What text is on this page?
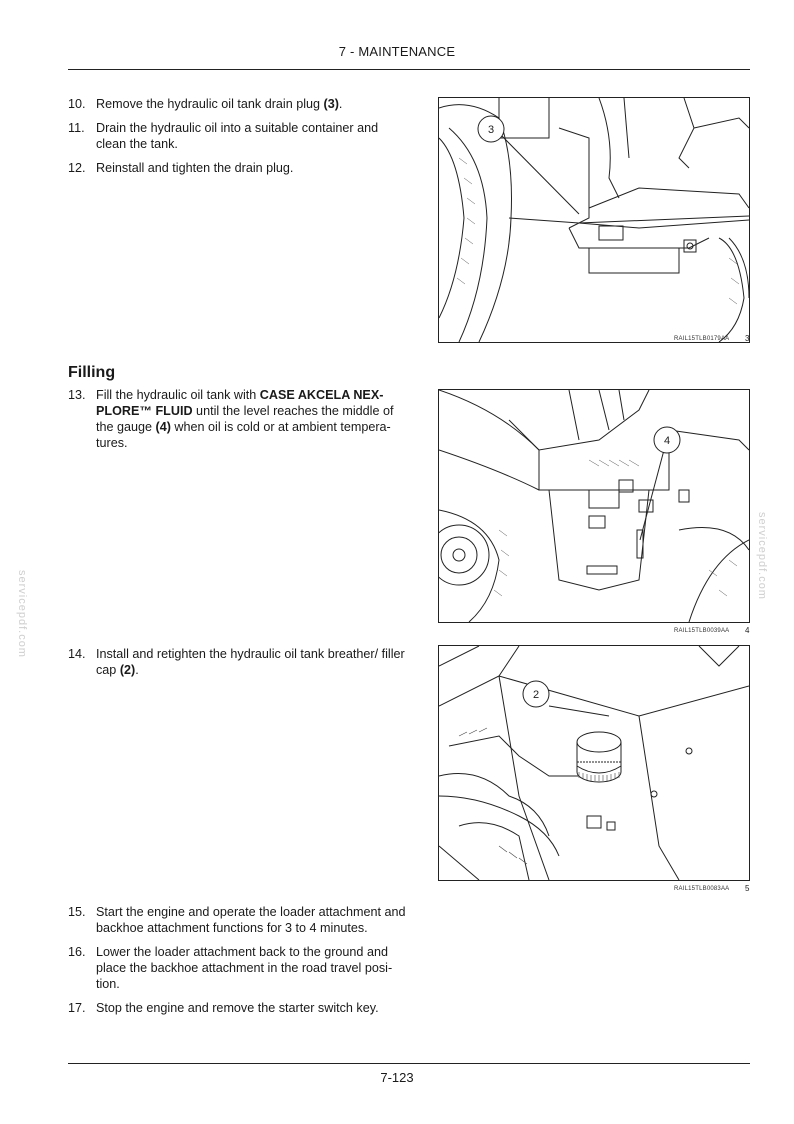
7 - MAINTENANCE
10. Remove the hydraulic oil tank drain plug (3).
11. Drain the hydraulic oil into a suitable container and clean the tank.
12. Reinstall and tighten the drain plug.
3
RAIL15TLB0179AA 3
Filling
13. Fill the hydraulic oil tank with CASE AKCELA NEX-PLORE™ FLUID until the level reaches the middle of the gauge (4) when oil is cold or at ambient tempera-tures.	4
RAIL15TLB0039AA 4
14. Install and retighten the hydraulic oil tank breather/ filler cap (2).
2
RAIL15TLB0083AA 5
15. Start the engine and operate the loader attachment and backhoe attachment functions for 3 to 4 minutes.
16. Lower the loader attachment back to the ground and place the backhoe attachment in the road travel posi-tion.
17. Stop the engine and remove the starter switch key.
servicepdf.com
servicepdf.com
7-123
